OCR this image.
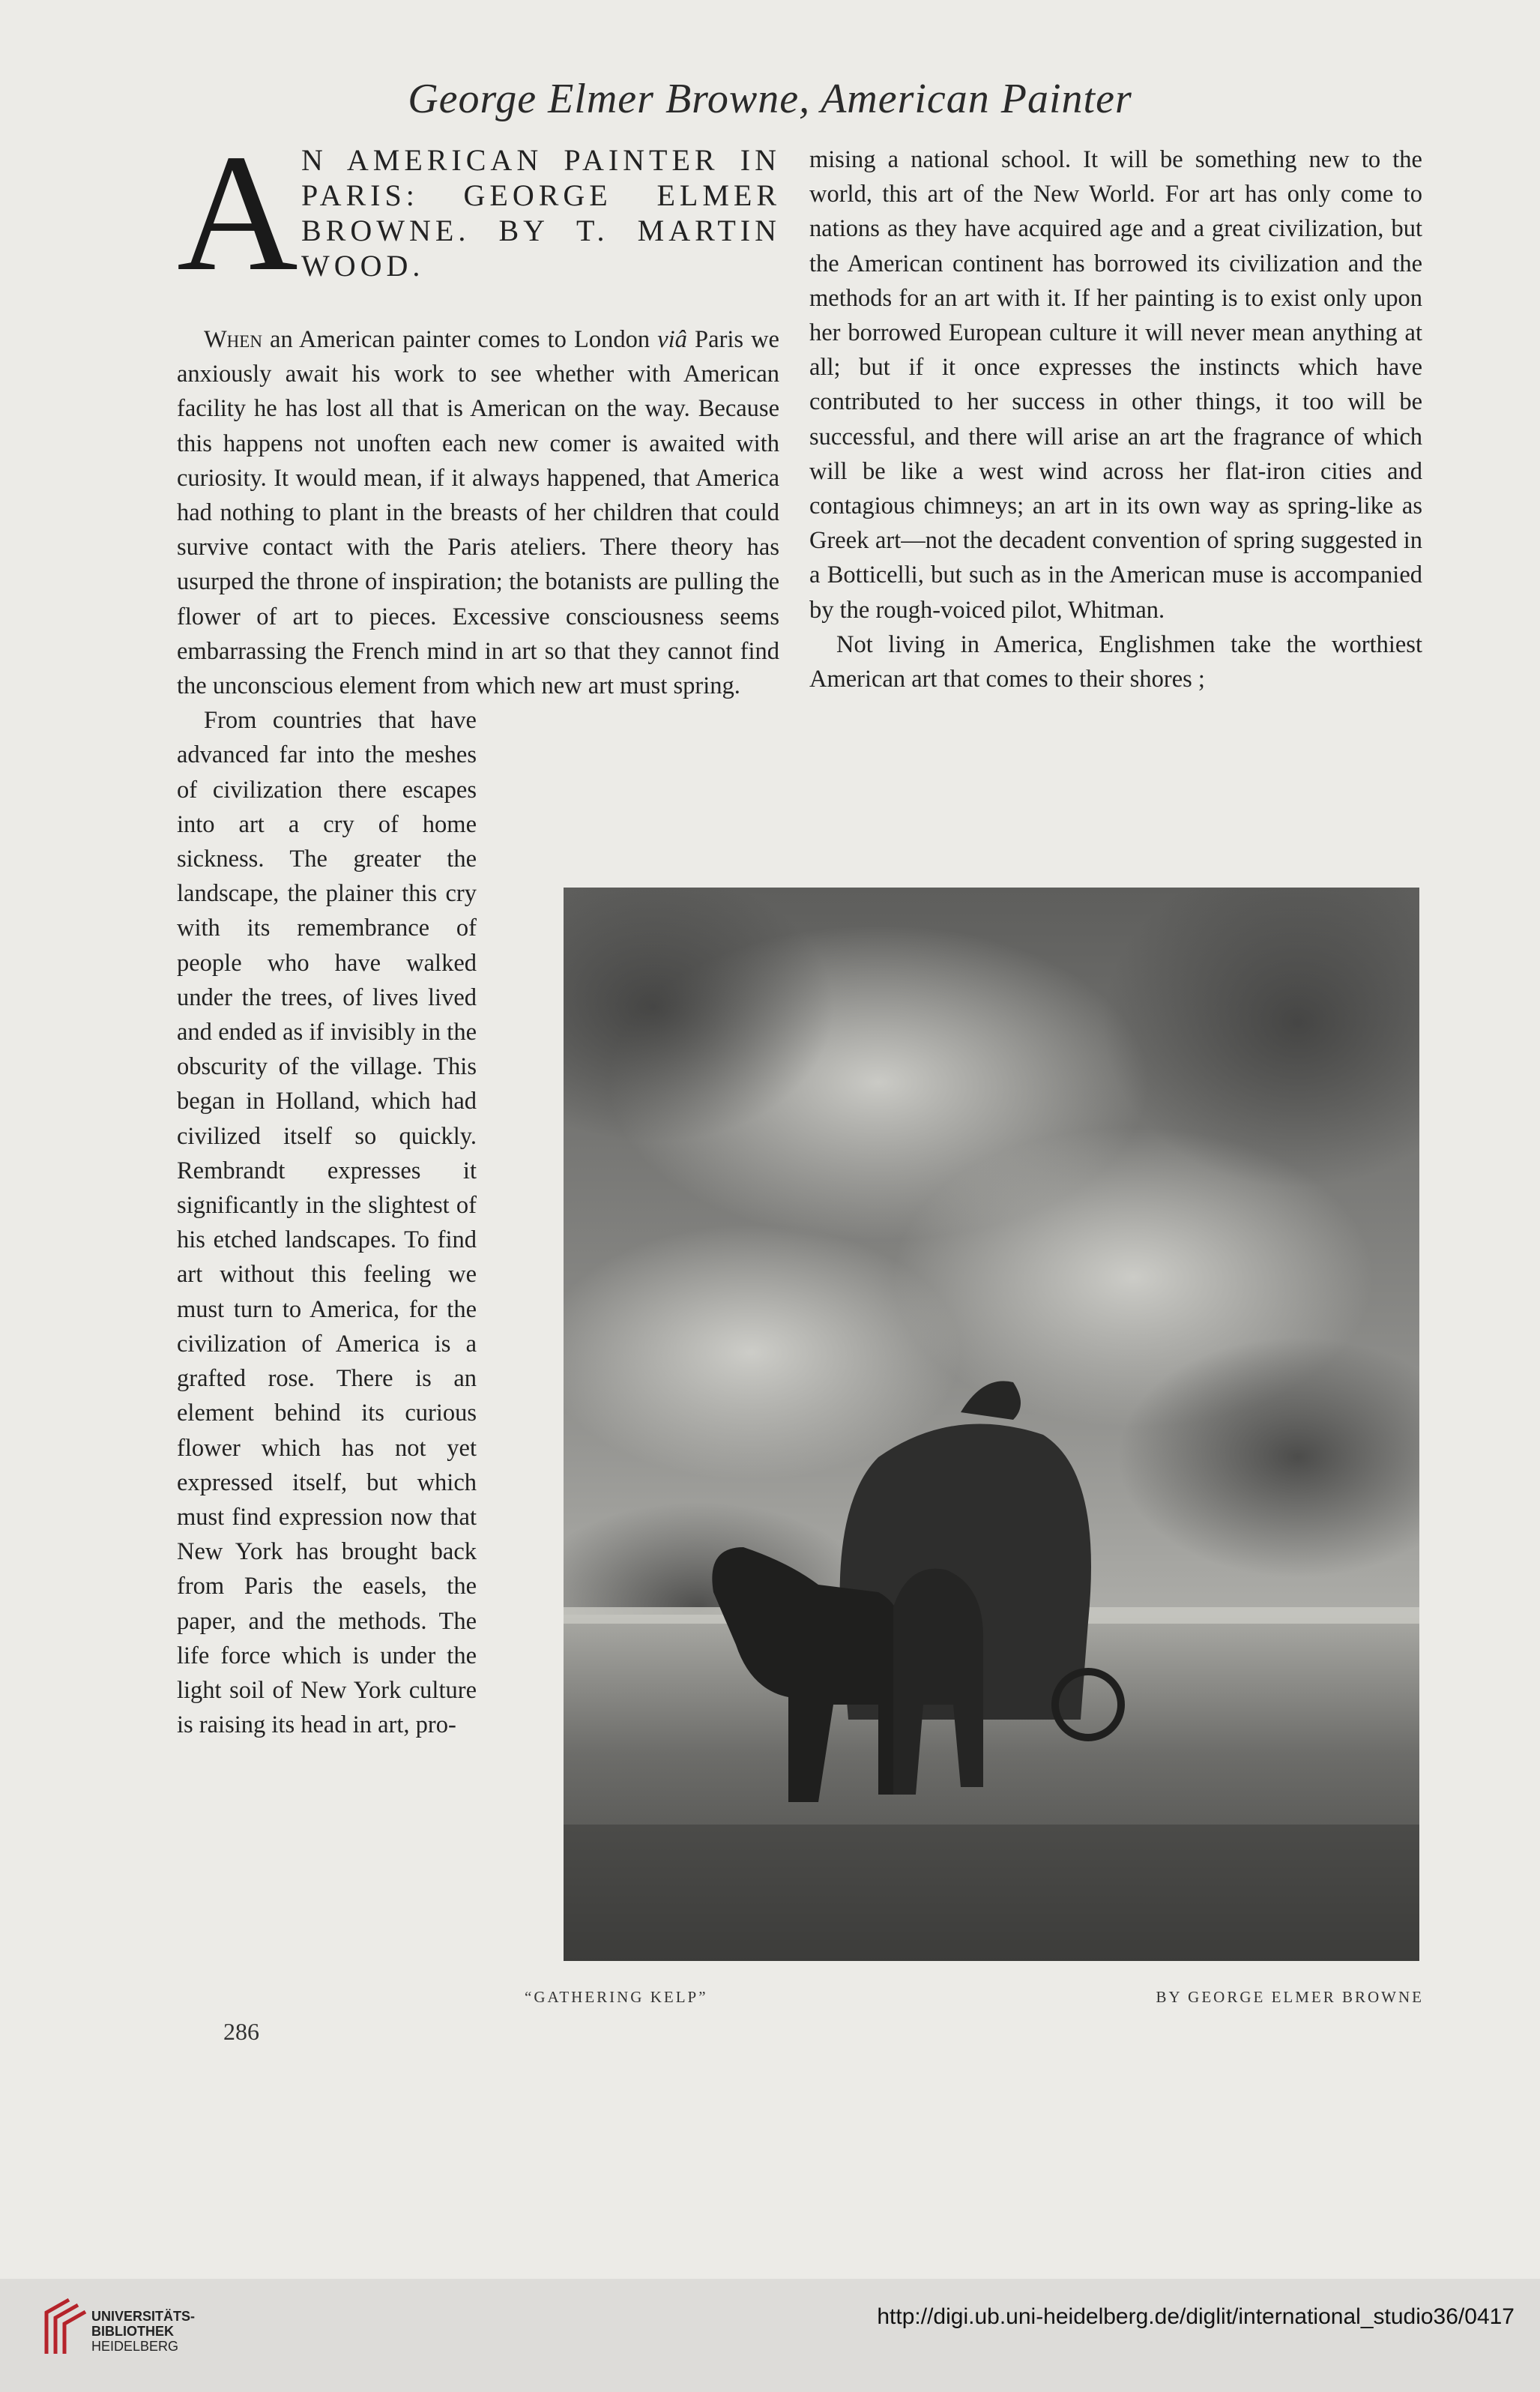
George Elmer Browne, American Painter
A N AMERICAN PAINTER IN PARIS: GEORGE ELMER BROWNE. BY T. MARTIN WOOD.

When an American painter comes to London viâ Paris we anxiously await his work to see whether with American facility he has lost all that is American on the way. Because this happens not unoften each new comer is awaited with curiosity. It would mean, if it always happened, that America had nothing to plant in the breasts of her children that could survive contact with the Paris ateliers. There theory has usurped the throne of inspiration; the botanists are pulling the flower of art to pieces. Excessive consciousness seems embarrassing the French mind in art so that they cannot find the unconscious element from which new art must spring.

From countries that have advanced far into the meshes of civilization there escapes into art a cry of home sickness. The greater the landscape, the plainer this cry with its remembrance of people who have walked under the trees, of lives lived and ended as if invisibly in the obscurity of the village. This began in Holland, which had civilized itself so quickly. Rembrandt expresses it significantly in the slightest of his etched landscapes. To find art without this feeling we must turn to America, for the civilization of America is a grafted rose. There is an element behind its curious flower which has not yet expressed itself, but which must find expression now that New York has brought back from Paris the easels, the paper, and the methods. The life force which is under the light soil of New York culture is raising its head in art, pro-

mising a national school. It will be something new to the world, this art of the New World. For art has only come to nations as they have acquired age and a great civilization, but the American continent has borrowed its civilization and the methods for an art with it. If her painting is to exist only upon her borrowed European culture it will never mean anything at all; but if it once expresses the instincts which have contributed to her success in other things, it too will be successful, and there will arise an art the fragrance of which will be like a west wind across her flat-iron cities and contagious chimneys; an art in its own way as spring-like as Greek art—not the decadent convention of spring suggested in a Botticelli, but such as in the American muse is accompanied by the rough-voiced pilot, Whitman.

Not living in America, Englishmen take the worthiest American art that comes to their shores ;

“GATHERING KELP”	BY GEORGE ELMER BROWNE
286
UNIVERSITÄTS-
BIBLIOTHEK
HEIDELBERG
http://digi.ub.uni-heidelberg.de/diglit/international_studio36/0417
